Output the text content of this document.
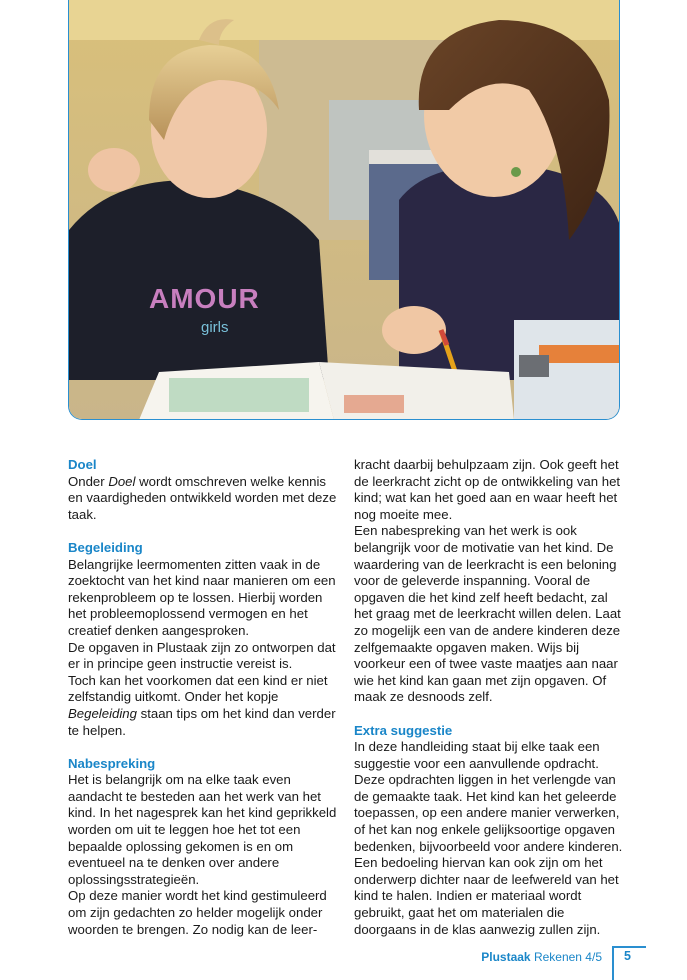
AMOUR
girls
Doel

Onder Doel wordt omschreven welke kennis en vaardigheden ontwikkeld worden met deze taak.

Begeleiding

Belangrijke leermomenten zitten vaak in de zoektocht van het kind naar manieren om een rekenprobleem op te lossen. Hierbij worden het probleemoplossend vermogen en het creatief denken aangesproken.

De opgaven in Plustaak zijn zo ontworpen dat er in principe geen instructie vereist is.

Toch kan het voorkomen dat een kind er niet zelfstandig uitkomt. Onder het kopje Begeleiding staan tips om het kind dan verder te helpen.

Nabespreking

Het is belangrijk om na elke taak even aandacht te besteden aan het werk van het kind. In het nagesprek kan het kind geprikkeld worden om uit te leggen hoe het tot een bepaalde oplossing gekomen is en om eventueel na te denken over andere oplossingsstrategieën.

Op deze manier wordt het kind gestimuleerd om zijn gedachten zo helder mogelijk onder woorden te brengen. Zo nodig kan de leer-

kracht daarbij behulpzaam zijn. Ook geeft het de leerkracht zicht op de ontwikkeling van het kind; wat kan het goed aan en waar heeft het nog moeite mee.

Een nabespreking van het werk is ook belangrijk voor de motivatie van het kind. De waardering van de leerkracht is een beloning voor de geleverde inspanning. Vooral de opgaven die het kind zelf heeft bedacht, zal het graag met de leerkracht willen delen. Laat zo mogelijk een van de andere kinderen deze zelfgemaakte opgaven maken. Wijs bij voorkeur een of twee vaste maatjes aan naar wie het kind kan gaan met zijn opgaven. Of maak ze desnoods zelf.

Extra suggestie

In deze handleiding staat bij elke taak een suggestie voor een aanvullende opdracht. Deze opdrachten liggen in het verlengde van de gemaakte taak. Het kind kan het geleerde toepassen, op een andere manier verwerken, of het kan nog enkele gelijksoortige opgaven bedenken, bijvoorbeeld voor andere kinderen. Een bedoeling hiervan kan ook zijn om het onderwerp dichter naar de leefwereld van het kind te halen. Indien er materiaal wordt gebruikt, gaat het om materialen die doorgaans in de klas aanwezig zullen zijn.

Plustaak Rekenen 4/5 5
